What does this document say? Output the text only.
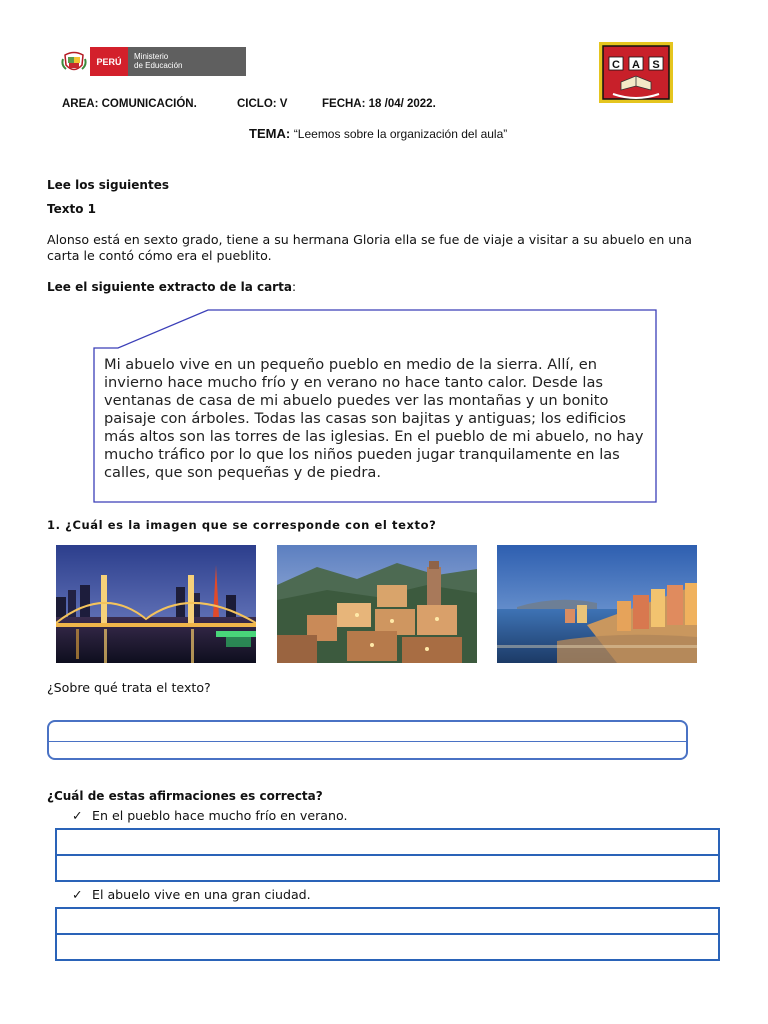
PERÚ	Ministerio
de Educación	C A S
AREA: COMUNICACIÓN.	CICLO: V	FECHA: 18 /04/ 2022.
TEMA: “Leemos sobre la organización del aula”
Lee los siguientes
Texto 1
Alonso está en sexto grado, tiene a su hermana Gloria ella se fue de viaje a visitar a su abuelo en una carta le contó cómo era el pueblito.
Lee el siguiente extracto de la carta:
Mi abuelo vive en un pequeño pueblo en medio de la sierra. Allí, en invierno hace mucho frío y en verano no hace tanto calor. Desde las ventanas de casa de mi abuelo puedes ver las montañas y un bonito paisaje con árboles. Todas las casas son bajitas y antiguas; los edificios más altos son las torres de las iglesias. En el pueblo de mi abuelo, no hay mucho tráfico por lo que los niños pueden jugar tranquilamente en las calles, que son pequeñas y de piedra.
1. ¿Cuál es la imagen que se corresponde con el texto?
¿Sobre qué trata el texto?
¿Cuál de estas afirmaciones es correcta?
✓ En el pueblo hace mucho frío en verano.
✓ El abuelo vive en una gran ciudad.
